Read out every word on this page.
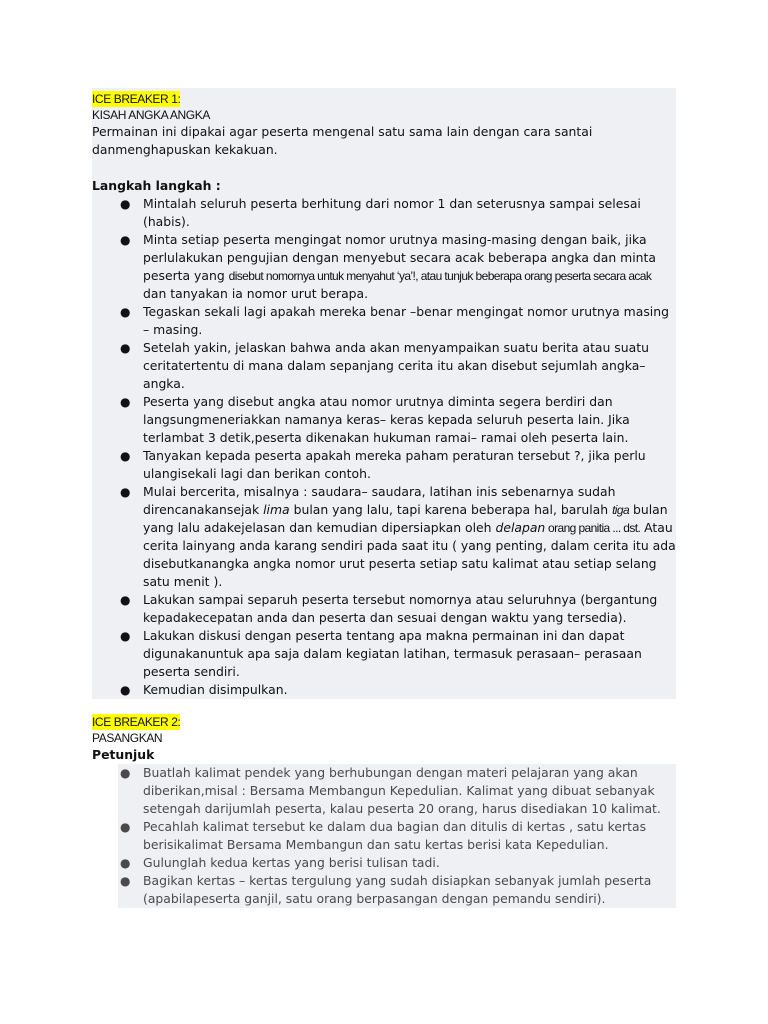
ICE BREAKER 1:
KISAH ANGKA ANGKA

Permainan ini dipakai agar peserta mengenal satu sama lain dengan cara santai danmenghapuskan kekakuan.

Langkah langkah :

● Mintalah seluruh peserta berhitung dari nomor 1 dan seterusnya sampai selesai (habis).
● Minta setiap peserta mengingat nomor urutnya masing-masing dengan baik, jika perlulakukan pengujian dengan menyebut secara acak beberapa angka dan minta peserta yang disebut nomornya untuk menyahut ‘ya’!, atau tunjuk beberapa orang peserta secara acak dan tanyakan ia nomor urut berapa.
● Tegaskan sekali lagi apakah mereka benar –benar mengingat nomor urutnya masing – masing.
● Setelah yakin, jelaskan bahwa anda akan menyampaikan suatu berita atau suatu ceritatertentu di mana dalam sepanjang cerita itu akan disebut sejumlah angka– angka.
● Peserta yang disebut angka atau nomor urutnya diminta segera berdiri dan langsungmeneriakkan namanya keras– keras kepada seluruh peserta lain. Jika terlambat 3 detik,peserta dikenakan hukuman ramai– ramai oleh peserta lain.
● Tanyakan kepada peserta apakah mereka paham peraturan tersebut ?, jika perlu ulangisekali lagi dan berikan contoh.
● Mulai bercerita, misalnya : saudara– saudara, latihan inis sebenarnya sudah direncanakansejak lima bulan yang lalu, tapi karena beberapa hal, barulah tiga bulan yang lalu adakejelasan dan kemudian dipersiapkan oleh delapan orang panitia ... dst. Atau cerita lainyang anda karang sendiri pada saat itu ( yang penting, dalam cerita itu ada disebutkanangka angka nomor urut peserta setiap satu kalimat atau setiap selang satu menit ).
● Lakukan sampai separuh peserta tersebut nomornya atau seluruhnya (bergantung kepadakecepatan anda dan peserta dan sesuai dengan waktu yang tersedia).
● Lakukan diskusi dengan peserta tentang apa makna permainan ini dan dapat digunakanuntuk apa saja dalam kegiatan latihan, termasuk perasaan– perasaan peserta sendiri.
● Kemudian disimpulkan.
ICE BREAKER 2:
PASANGKAN

Petunjuk

● Buatlah kalimat pendek yang berhubungan dengan materi pelajaran yang akan diberikan,misal : Bersama Membangun Kepedulian. Kalimat yang dibuat sebanyak setengah darijumlah peserta, kalau peserta 20 orang, harus disediakan 10 kalimat.
● Pecahlah kalimat tersebut ke dalam dua bagian dan ditulis di kertas , satu kertas berisikalimat Bersama Membangun dan satu kertas berisi kata Kepedulian.
● Gulunglah kedua kertas yang berisi tulisan tadi.
● Bagikan kertas – kertas tergulung yang sudah disiapkan sebanyak jumlah peserta (apabilapeserta ganjil, satu orang berpasangan dengan pemandu sendiri).
